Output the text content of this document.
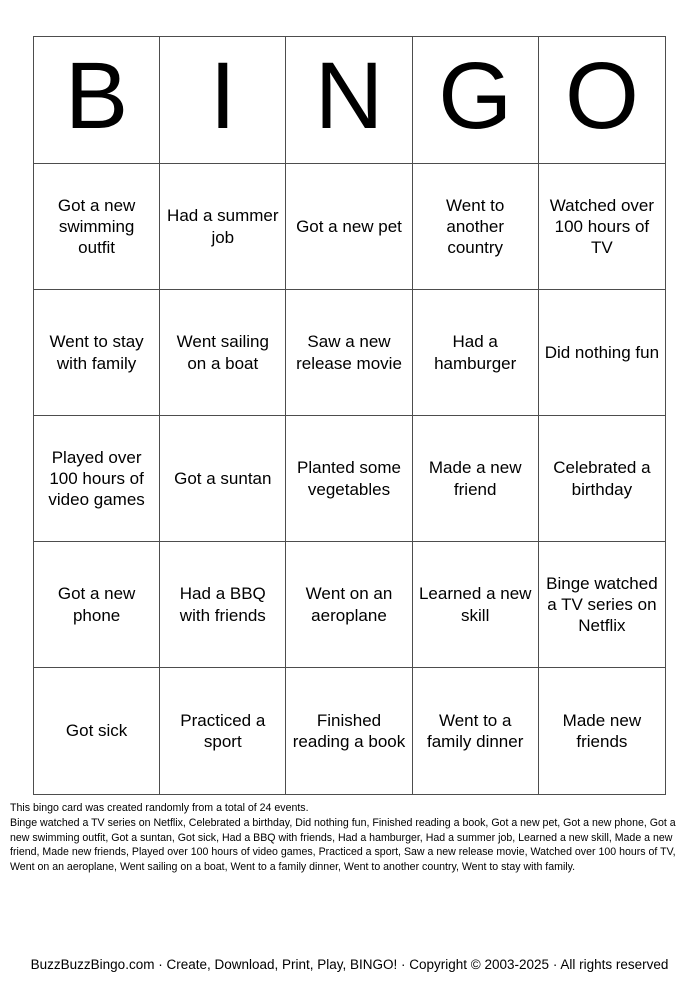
B I N G O
Got a new swimming outfit
Had a summer job
Got a new pet
Went to another country
Watched over 100 hours of TV
Went to stay with family
Went sailing on a boat
Saw a new release movie
Had a hamburger
Did nothing fun
Played over 100 hours of video games
Got a suntan
Planted some vegetables
Made a new friend
Celebrated a birthday
Got a new phone
Had a BBQ with friends
Went on an aeroplane
Learned a new skill
Binge watched a TV series on Netflix
Got sick
Practiced a sport
Finished reading a book
Went to a family dinner
Made new friends
This bingo card was created randomly from a total of 24 events.
Binge watched a TV series on Netflix, Celebrated a birthday, Did nothing fun, Finished reading a book, Got a new pet, Got a new phone, Got a new swimming outfit, Got a suntan, Got sick, Had a BBQ with friends, Had a hamburger, Had a summer job, Learned a new skill, Made a new friend, Made new friends, Played over 100 hours of video games, Practiced a sport, Saw a new release movie, Watched over 100 hours of TV, Went on an aeroplane, Went sailing on a boat, Went to a family dinner, Went to another country, Went to stay with family.
BuzzBuzzBingo.com · Create, Download, Print, Play, BINGO! · Copyright © 2003-2025 · All rights reserved
